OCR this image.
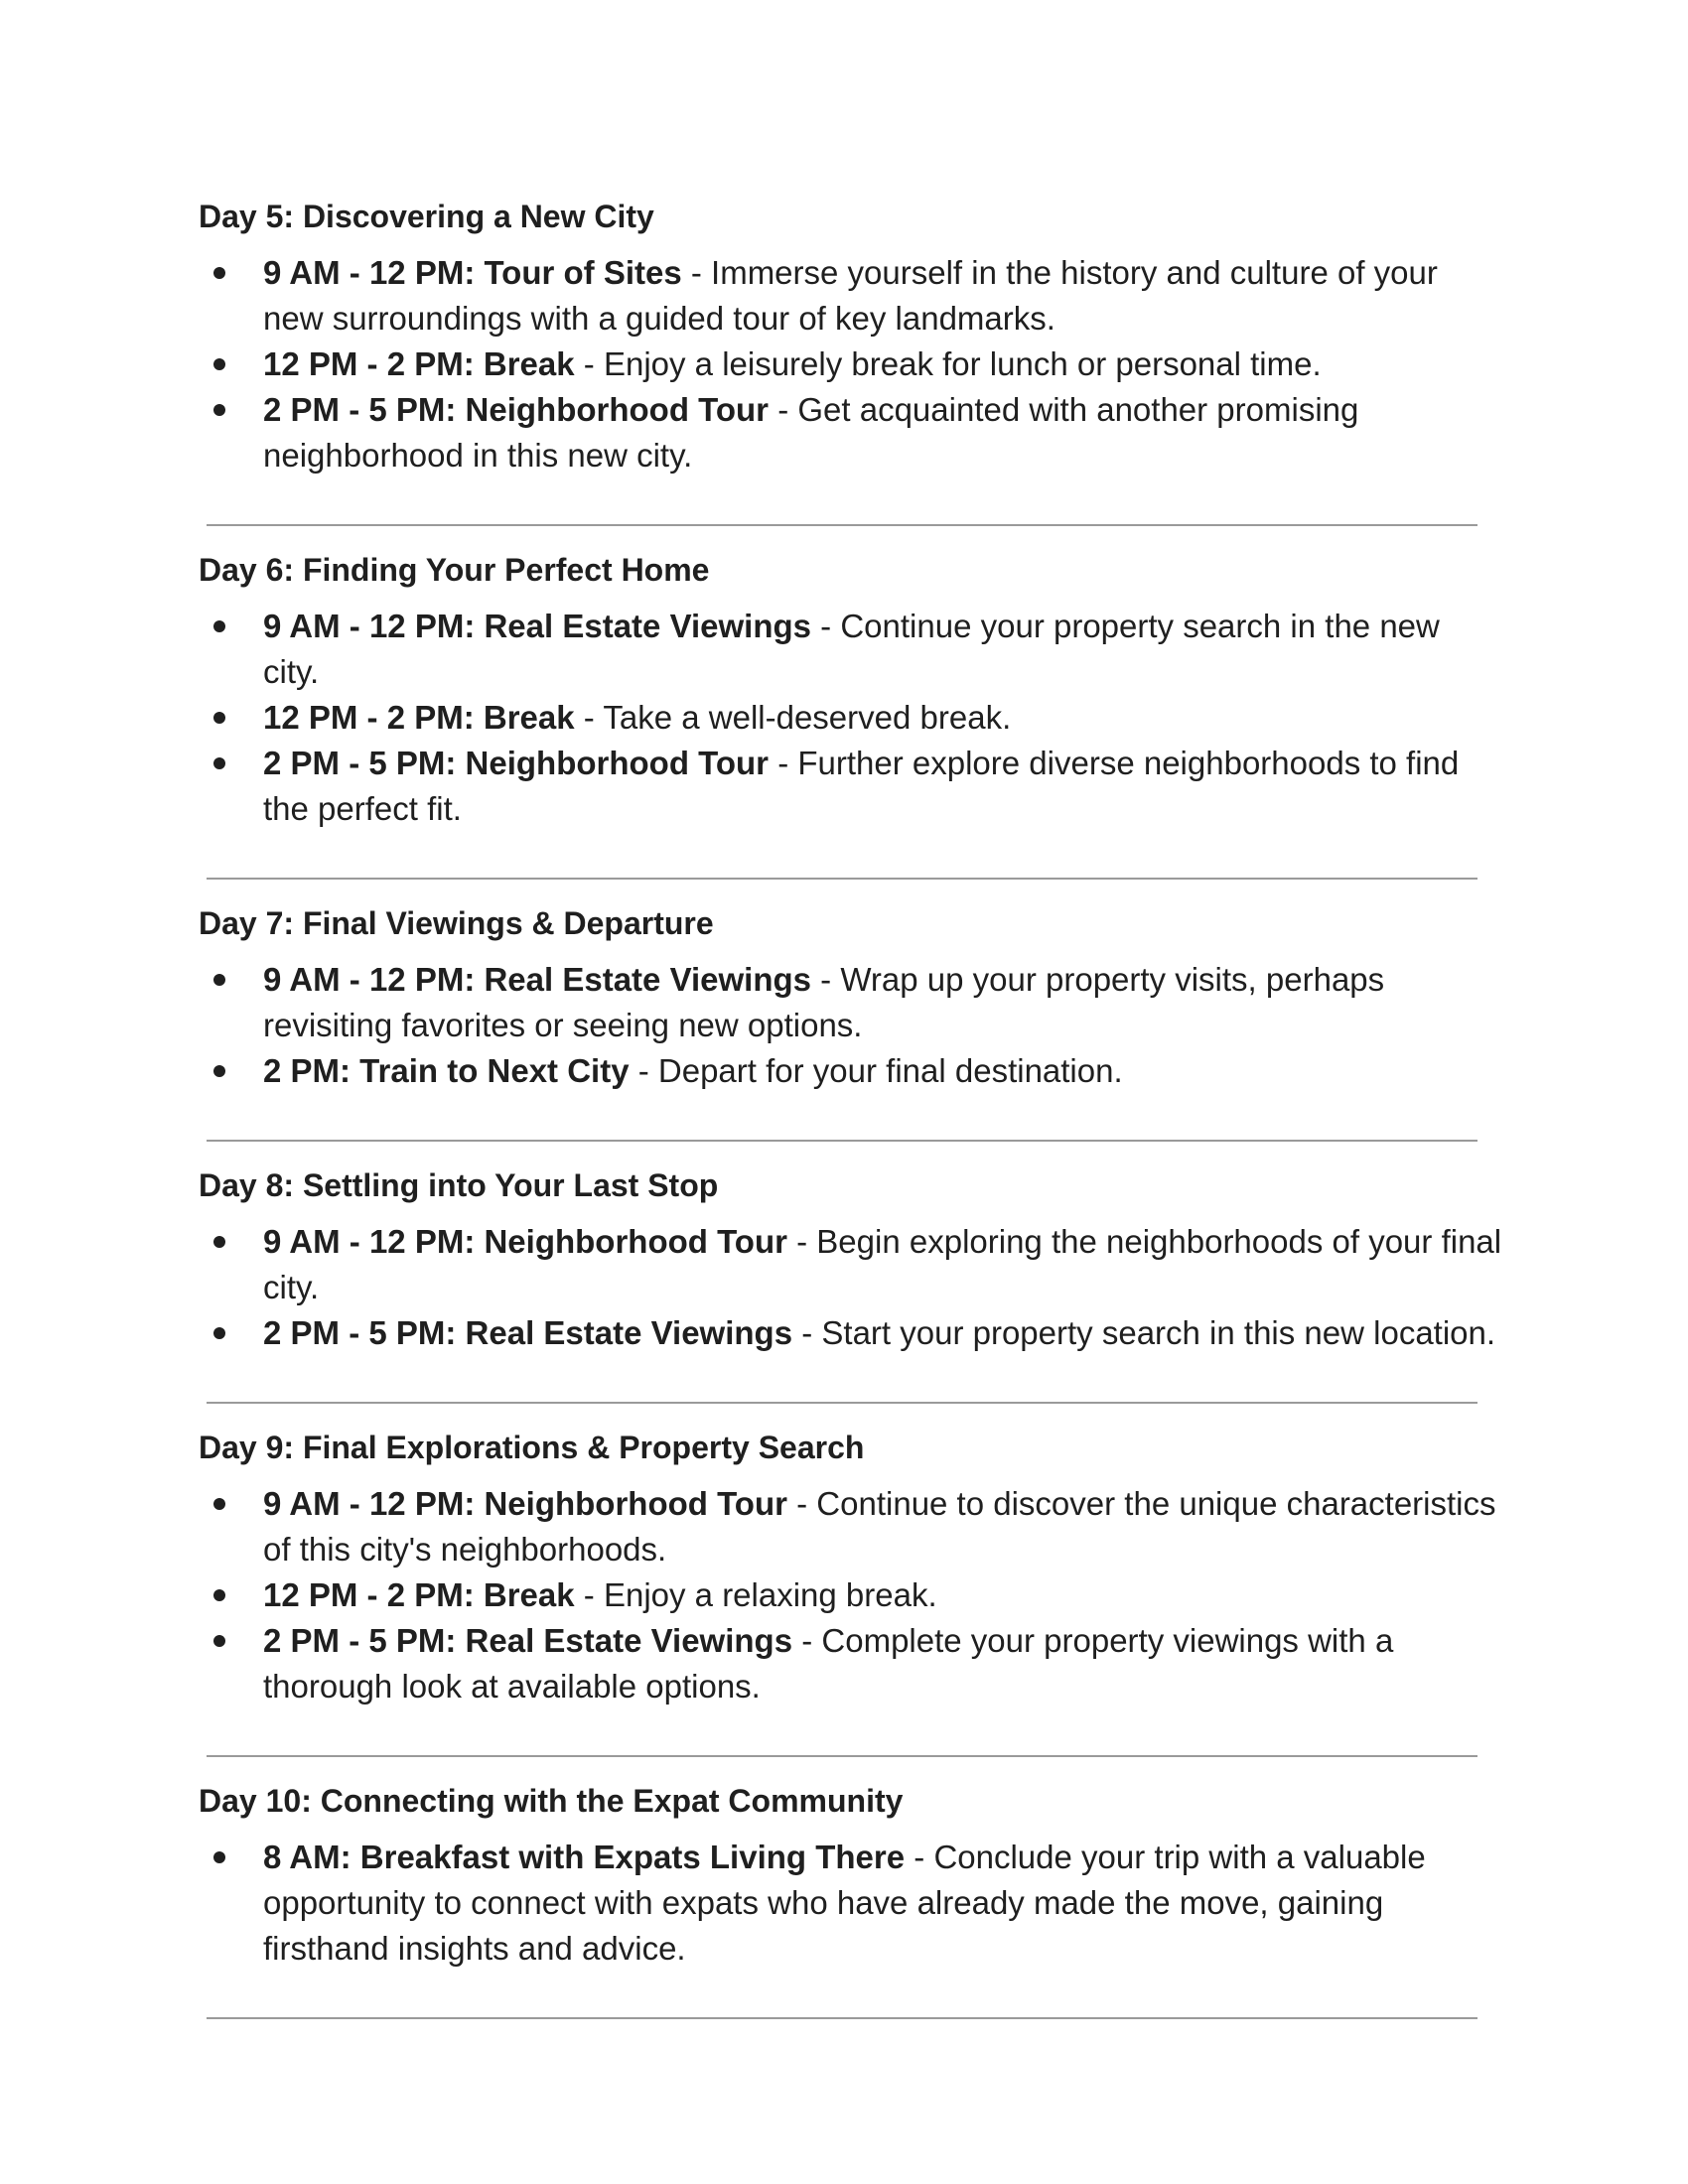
Day 5: Discovering a New City
9 AM - 12 PM: Tour of Sites - Immerse yourself in the history and culture of your new surroundings with a guided tour of key landmarks.
12 PM - 2 PM: Break - Enjoy a leisurely break for lunch or personal time.
2 PM - 5 PM: Neighborhood Tour - Get acquainted with another promising neighborhood in this new city.
Day 6: Finding Your Perfect Home
9 AM - 12 PM: Real Estate Viewings - Continue your property search in the new city.
12 PM - 2 PM: Break - Take a well-deserved break.
2 PM - 5 PM: Neighborhood Tour - Further explore diverse neighborhoods to find the perfect fit.
Day 7: Final Viewings & Departure
9 AM - 12 PM: Real Estate Viewings - Wrap up your property visits, perhaps revisiting favorites or seeing new options.
2 PM: Train to Next City - Depart for your final destination.
Day 8: Settling into Your Last Stop
9 AM - 12 PM: Neighborhood Tour - Begin exploring the neighborhoods of your final city.
2 PM - 5 PM: Real Estate Viewings - Start your property search in this new location.
Day 9: Final Explorations & Property Search
9 AM - 12 PM: Neighborhood Tour - Continue to discover the unique characteristics of this city's neighborhoods.
12 PM - 2 PM: Break - Enjoy a relaxing break.
2 PM - 5 PM: Real Estate Viewings - Complete your property viewings with a thorough look at available options.
Day 10: Connecting with the Expat Community
8 AM: Breakfast with Expats Living There - Conclude your trip with a valuable opportunity to connect with expats who have already made the move, gaining firsthand insights and advice.
